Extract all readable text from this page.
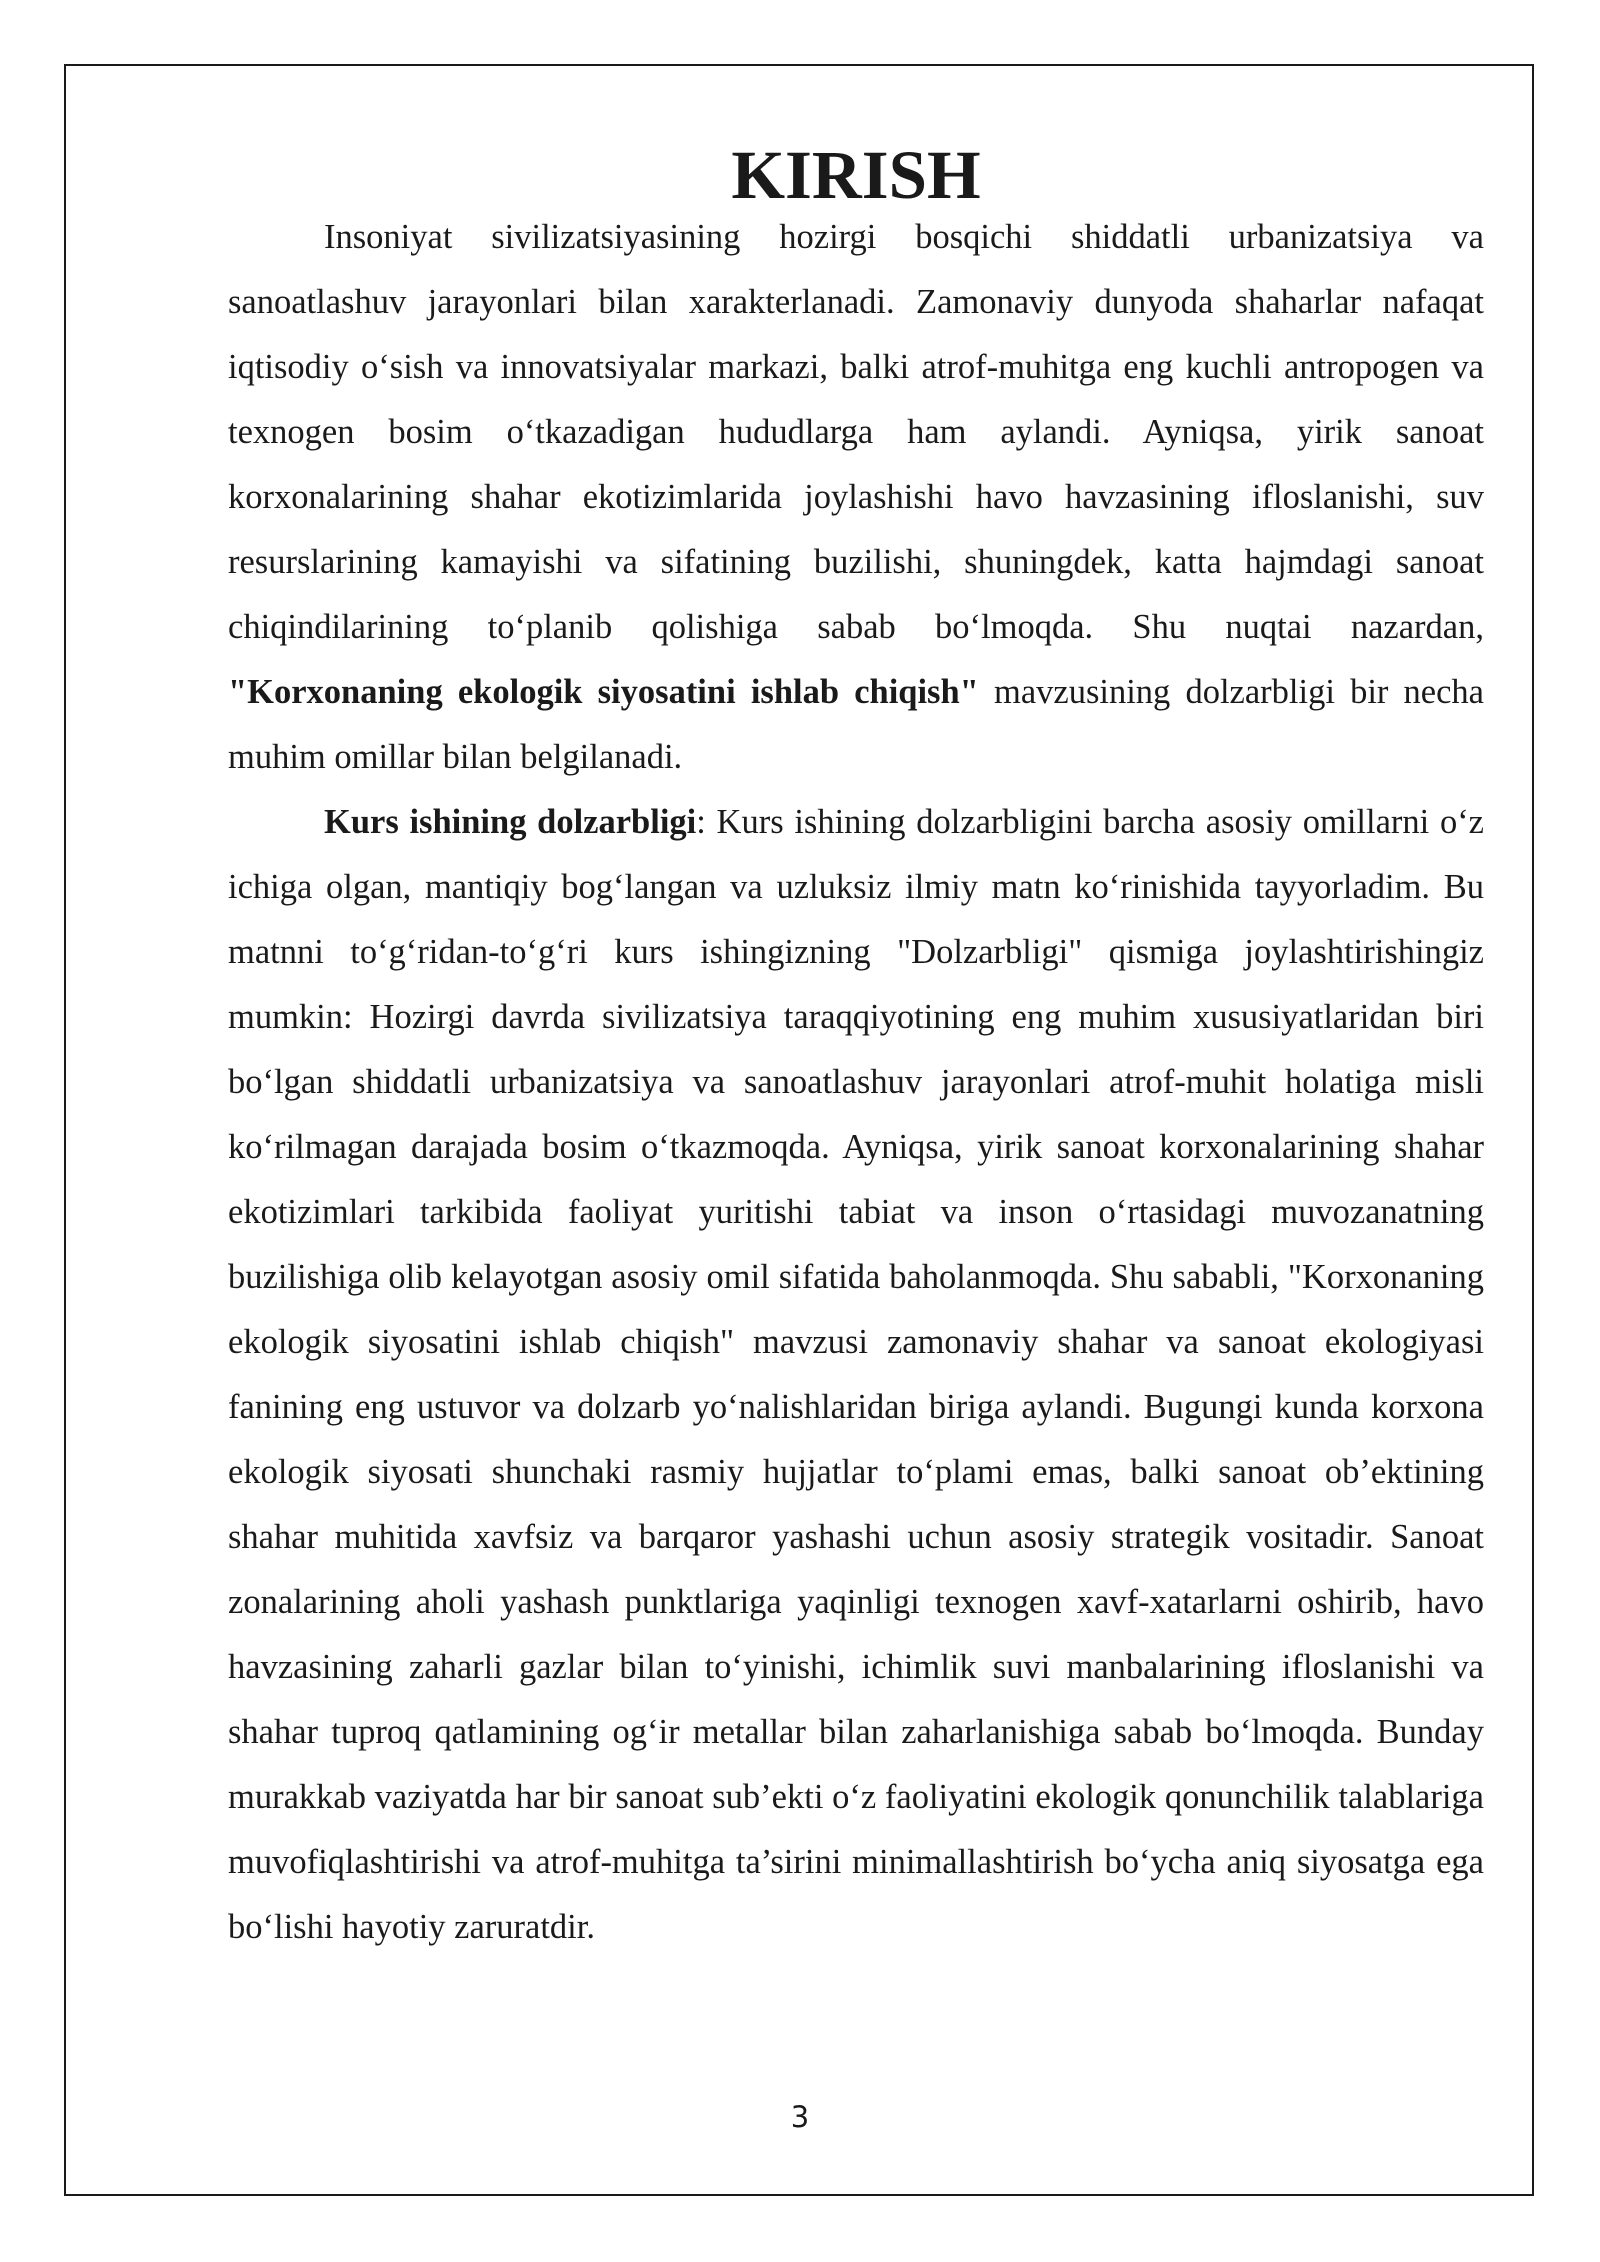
KIRISH

Insoniyat sivilizatsiyasining hozirgi bosqichi shiddatli urbanizatsiya va sanoatlashuv jarayonlari bilan xarakterlanadi. Zamonaviy dunyoda shaharlar nafaqat iqtisodiy o‘sish va innovatsiyalar markazi, balki atrof-muhitga eng kuchli antropogen va texnogen bosim o‘tkazadigan hududlarga ham aylandi. Ayniqsa, yirik sanoat korxonalarining shahar ekotizimlarida joylashishi havo havzasining ifloslanishi, suv resurslarining kamayishi va sifatining buzilishi, shuningdek, katta hajmdagi sanoat chiqindilarining to‘planib qolishiga sabab bo‘lmoqda. Shu nuqtai nazardan, "Korxonaning ekologik siyosatini ishlab chiqish" mavzusining dolzarbligi bir necha muhim omillar bilan belgilanadi.

Kurs ishining dolzarbligi: Kurs ishining dolzarbligini barcha asosiy omillarni o‘z ichiga olgan, mantiqiy bog‘langan va uzluksiz ilmiy matn ko‘rinishida tayyorladim. Bu matnni to‘g‘ridan-to‘g‘ri kurs ishingizning "Dolzarbligi" qismiga joylashtirishingiz mumkin: Hozirgi davrda sivilizatsiya taraqqiyotining eng muhim xususiyatlaridan biri bo‘lgan shiddatli urbanizatsiya va sanoatlashuv jarayonlari atrof-muhit holatiga misli ko‘rilmagan darajada bosim o‘tkazmoqda. Ayniqsa, yirik sanoat korxonalarining shahar ekotizimlari tarkibida faoliyat yuritishi tabiat va inson o‘rtasidagi muvozanatning buzilishiga olib kelayotgan asosiy omil sifatida baholanmoqda. Shu sababli, "Korxonaning ekologik siyosatini ishlab chiqish" mavzusi zamonaviy shahar va sanoat ekologiyasi fanining eng ustuvor va dolzarb yo‘nalishlaridan biriga aylandi. Bugungi kunda korxona ekologik siyosati shunchaki rasmiy hujjatlar to‘plami emas, balki sanoat ob’ektining shahar muhitida xavfsiz va barqaror yashashi uchun asosiy strategik vositadir. Sanoat zonalarining aholi yashash punktlariga yaqinligi texnogen xavf-xatarlarni oshirib, havo havzasining zaharli gazlar bilan to‘yinishi, ichimlik suvi manbalarining ifloslanishi va shahar tuproq qatlamining og‘ir metallar bilan zaharlanishiga sabab bo‘lmoqda. Bunday murakkab vaziyatda har bir sanoat sub’ekti o‘z faoliyatini ekologik qonunchilik talablariga muvofiqlashtirishi va atrof-muhitga ta’sirini minimallashtirish bo‘ycha aniq siyosatga ega bo‘lishi hayotiy zaruratdir.

3
